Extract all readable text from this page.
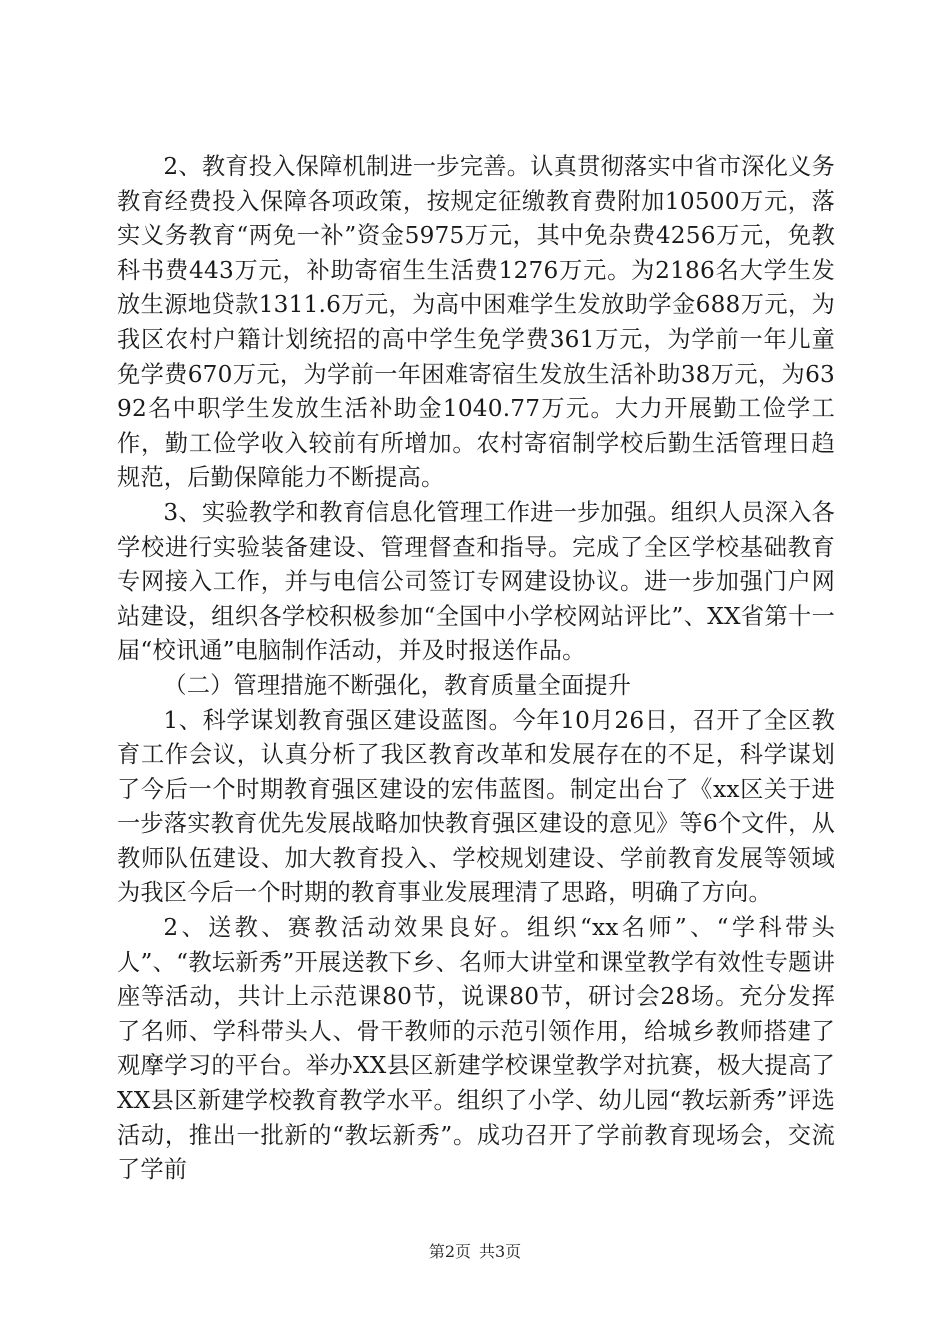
2、教育投入保障机制进一步完善。认真贯彻落实中省市深化义务教育经费投入保障各项政策，按规定征缴教育费附加10500万元，落实义务教育“两免一补”资金5975万元，其中免杂费4256万元，免教科书费443万元，补助寄宿生生活费1276万元。为2186名大学生发放生源地贷款1311.6万元，为高中困难学生发放助学金688万元，为我区农村户籍计划统招的高中学生免学费361万元，为学前一年儿童免学费670万元，为学前一年困难寄宿生发放生活补助38万元，为6392名中职学生发放生活补助金1040.77万元。大力开展勤工俭学工作，勤工俭学收入较前有所增加。农村寄宿制学校后勤生活管理日趋规范，后勤保障能力不断提高。

3、实验教学和教育信息化管理工作进一步加强。组织人员深入各学校进行实验装备建设、管理督查和指导。完成了全区学校基础教育专网接入工作，并与电信公司签订专网建设协议。进一步加强门户网站建设，组织各学校积极参加“全国中小学校网站评比”、XX省第十一届“校讯通”电脑制作活动，并及时报送作品。

（二）管理措施不断强化，教育质量全面提升

1、科学谋划教育强区建设蓝图。今年10月26日，召开了全区教育工作会议，认真分析了我区教育改革和发展存在的不足，科学谋划了今后一个时期教育强区建设的宏伟蓝图。制定出台了《xx区关于进一步落实教育优先发展战略加快教育强区建设的意见》等6个文件，从教师队伍建设、加大教育投入、学校规划建设、学前教育发展等领域为我区今后一个时期的教育事业发展理清了思路，明确了方向。

2、送教、赛教活动效果良好。组织“xx名师”、“学科带头人”、“教坛新秀”开展送教下乡、名师大讲堂和课堂教学有效性专题讲座等活动，共计上示范课80节，说课80节，研讨会28场。充分发挥了名师、学科带头人、骨干教师的示范引领作用，给城乡教师搭建了观摩学习的平台。举办XX县区新建学校课堂教学对抗赛，极大提高了XX县区新建学校教育教学水平。组织了小学、幼儿园“教坛新秀”评选活动，推出一批新的“教坛新秀”。成功召开了学前教育现场会，交流了学前

第2页 共3页
